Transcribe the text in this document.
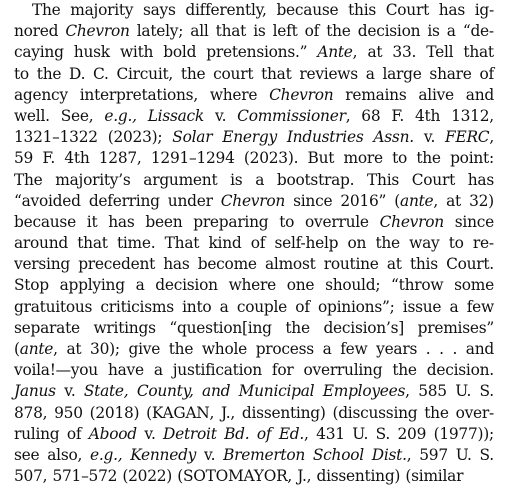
The majority says differently, because this Court has ig-
nored Chevron lately; all that is left of the decision is a “de-
caying husk with bold pretensions.” Ante, at 33. Tell that
to the D. C. Circuit, the court that reviews a large share of
agency interpretations, where Chevron remains alive and
well. See, e.g., Lissack v. Commissioner, 68 F. 4th 1312,
1321–1322 (2023); Solar Energy Industries Assn. v. FERC,
59 F. 4th 1287, 1291–1294 (2023). But more to the point:
The majority’s argument is a bootstrap. This Court has
“avoided deferring under Chevron since 2016” (ante, at 32)
because it has been preparing to overrule Chevron since
around that time. That kind of self-help on the way to re-
versing precedent has become almost routine at this Court.
Stop applying a decision where one should; “throw some
gratuitous criticisms into a couple of opinions”; issue a few
separate writings “question[ing the decision’s] premises”
(ante, at 30); give the whole process a few years . . . and
voila!—you have a justification for overruling the decision.
Janus v. State, County, and Municipal Employees, 585 U. S.
878, 950 (2018) (KAGAN, J., dissenting) (discussing the over-
ruling of Abood v. Detroit Bd. of Ed., 431 U. S. 209 (1977));
see also, e.g., Kennedy v. Bremerton School Dist., 597 U. S.
507, 571–572 (2022) (SOTOMAYOR, J., dissenting) (similar
